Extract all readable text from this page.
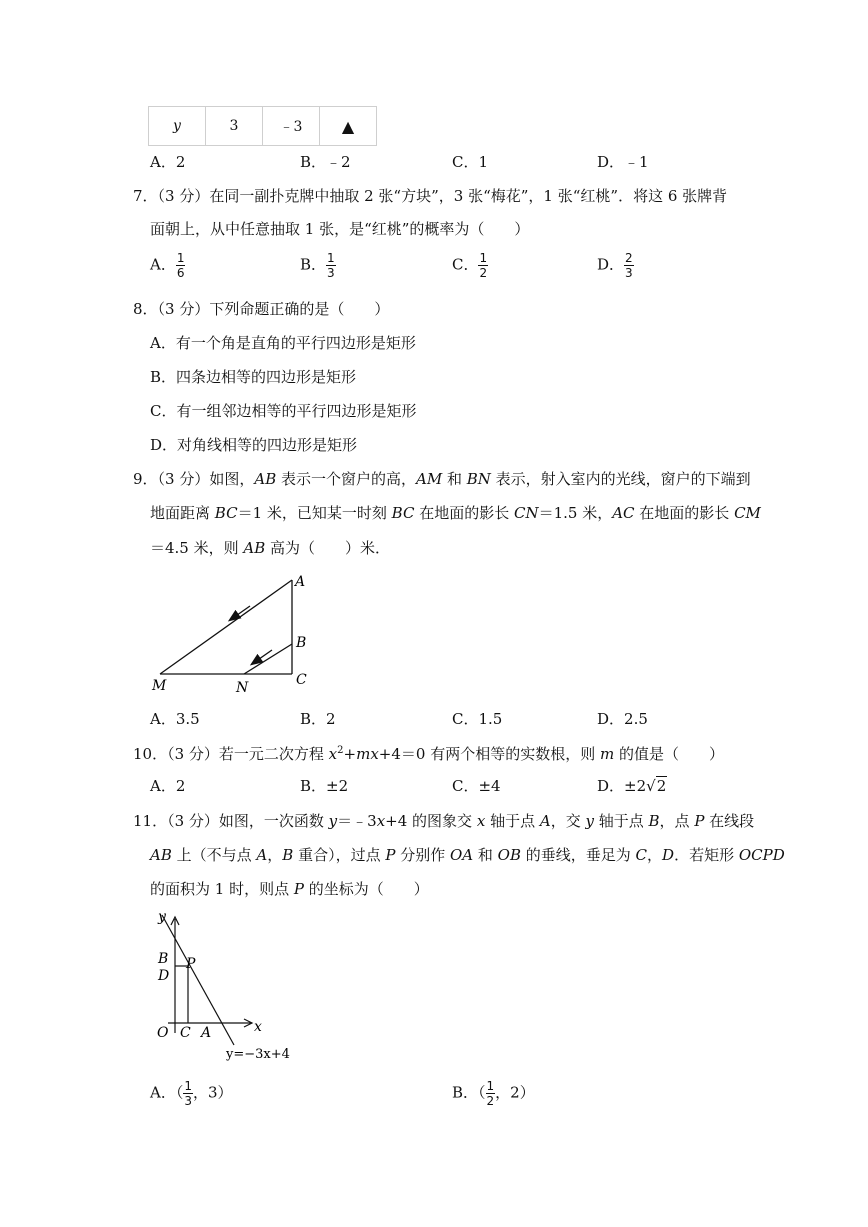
y	3	﹣3	▲
A．2	B．﹣2	C．1	D．﹣1
7．（3 分）在同一副扑克牌中抽取 2 张“方块”，3 张“梅花”，1 张“红桃”．将这 6 张牌背
面朝上，从中任意抽取 1 张，是“红桃”的概率为（　　）
A． $\frac{1}{6}$	B． $\frac{1}{3}$	C． $\frac{1}{2}$	D． $\frac{2}{3}$
8．（3 分）下列命题正确的是（　　）
A．有一个角是直角的平行四边形是矩形
B．四条边相等的四边形是矩形
C．有一组邻边相等的平行四边形是矩形
D．对角线相等的四边形是矩形
9．（3 分）如图，AB 表示一个窗户的高，AM 和 BN 表示，射入室内的光线，窗户的下端到
地面距离 BC＝1 米，已知某一时刻 BC 在地面的影长 CN＝1.5 米，AC 在地面的影长 CM
＝4.5 米，则 AB 高为（　　）米．
A
B
C
M	N
A．3.5	B．2	C．1.5	D．2.5
10．（3 分）若一元二次方程 $x^2+mx+4=0$ 有两个相等的实数根，则 m 的值是（　　）
A．2	B．±2	C．±4	D．±2√2
11．（3 分）如图，一次函数 y＝﹣3x+4 的图象交 x 轴于点 A，交 y 轴于点 B，点 P 在线段
AB 上（不与点 A，B 重合），过点 P 分别作 OA 和 OB 的垂线，垂足为 C，D．若矩形 OCPD
的面积为 1 时，则点 P 的坐标为（　　）
y
x
O C A
B
D
P
y=−3x+4
A．（ $\frac{1}{3}$ ，3）	B．（ $\frac{1}{2}$ ，2）
